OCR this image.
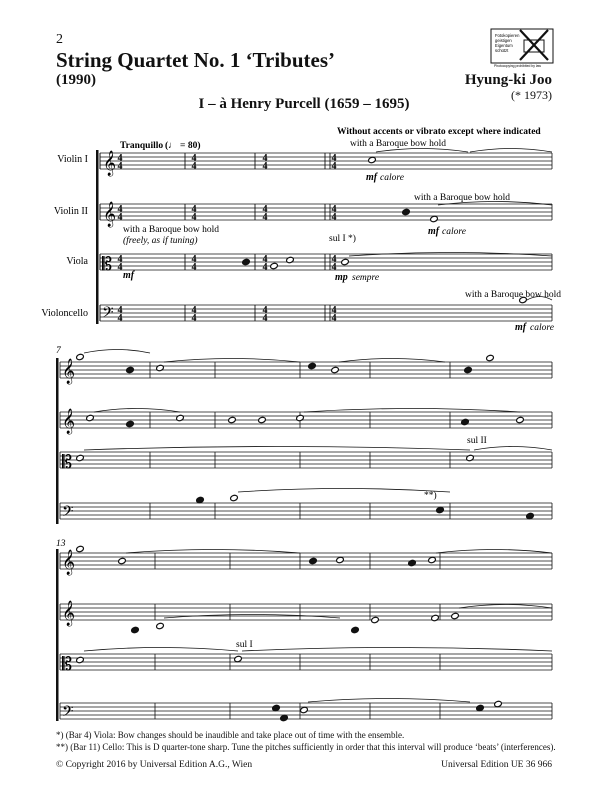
2
String Quartet No. 1 ‘Tributes’
(1990)	Hyung-ki Joo
(* 1973)
I – à Henry Purcell (1659 – 1695)
Fotokopieren
geistigen
Eigentum
schützt
Photocopying prohibited by law
𝄞
𝄞
𝄡
𝄢
4
4
4
4
4
4
4
4
4
4
4
4
4
4
4
4
4
4
4
4
4
4
4
4
4
4
4
4
4
4
4
4
𝄞
𝄞
𝄡
𝄢
𝄞
𝄞
𝄡
𝄢
Tranquillo (♩ = 80)
Without accents or vibrato except where indicated
Violin I
Violin II
Viola
Violoncello
with a Baroque bow hold
mf calore
with a Baroque bow hold
mf calore
with a Baroque bow hold
(freely, as if tuning)
mf
sul I *)
mp sempre
with a Baroque bow hold
mf calore
7
sul II
**)
13
sul I
*) (Bar 4) Viola: Bow changes should be inaudible and take place out of time with the ensemble.
**) (Bar 11) Cello: This is D quarter-tone sharp. Tune the pitches sufficiently in order that this interval will produce ‘beats’ (interferences).
© Copyright 2016 by Universal Edition A.G., Wien	Universal Edition UE 36 966
